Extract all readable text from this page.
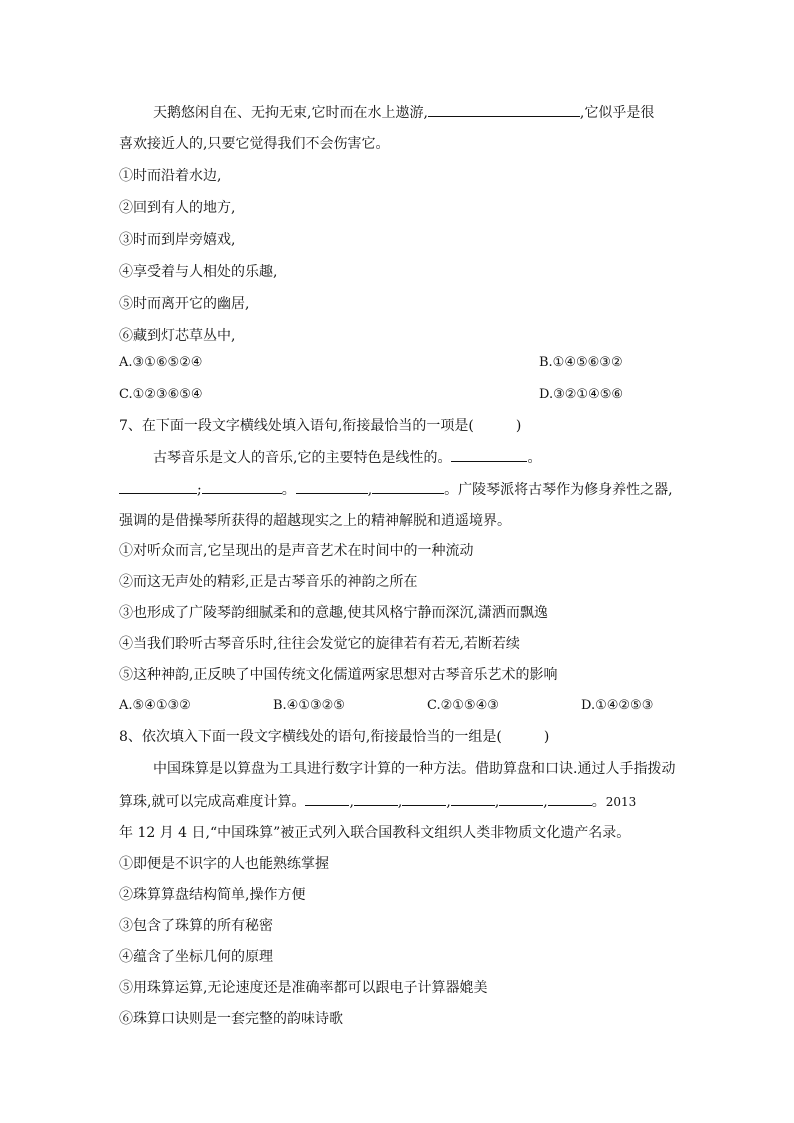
天鹅悠闲自在、无拘无束,它时而在水上遨游,	,它似乎是很
喜欢接近人的,只要它觉得我们不会伤害它。
①时而沿着水边,
②回到有人的地方,
③时而到岸旁嬉戏,
④享受着与人相处的乐趣,
⑤时而离开它的幽居,
⑥藏到灯芯草丛中,
A.③①⑥⑤②④	B.①④⑤⑥③②
C.①②③⑥⑤④	D.③②①④⑤⑥
7、在下面一段文字横线处填入语句,衔接最恰当的一项是(　　　)
古琴音乐是文人的音乐,它的主要特色是线性的。	。
;	。	,	。广陵琴派将古琴作为修身养性之器,
强调的是借操琴所获得的超越现实之上的精神解脱和逍遥境界。
①对听众而言,它呈现出的是声音艺术在时间中的一种流动
②而这无声处的精彩,正是古琴音乐的神韵之所在
③也形成了广陵琴韵细腻柔和的意趣,使其风格宁静而深沉,潇洒而飘逸
④当我们聆听古琴音乐时,往往会发觉它的旋律若有若无,若断若续
⑤这种神韵,正反映了中国传统文化儒道两家思想对古琴音乐艺术的影响
A.⑤④①③②	B.④①③②⑤	C.②①⑤④③	D.①④②⑤③
8、依次填入下面一段文字横线处的语句,衔接最恰当的一组是(　　　)
中国珠算是以算盘为工具进行数字计算的一种方法。借助算盘和口诀.通过人手指拨动
算珠,就可以完成高难度计算。	,	,	,	,	,	。2013
年 12 月 4 日,“中国珠算”被正式列入联合国教科文组织人类非物质文化遗产名录。
①即便是不识字的人也能熟练掌握
②珠算算盘结构简单,操作方便
③包含了珠算的所有秘密
④蕴含了坐标几何的原理
⑤用珠算运算,无论速度还是准确率都可以跟电子计算器媲美
⑥珠算口诀则是一套完整的韵味诗歌
